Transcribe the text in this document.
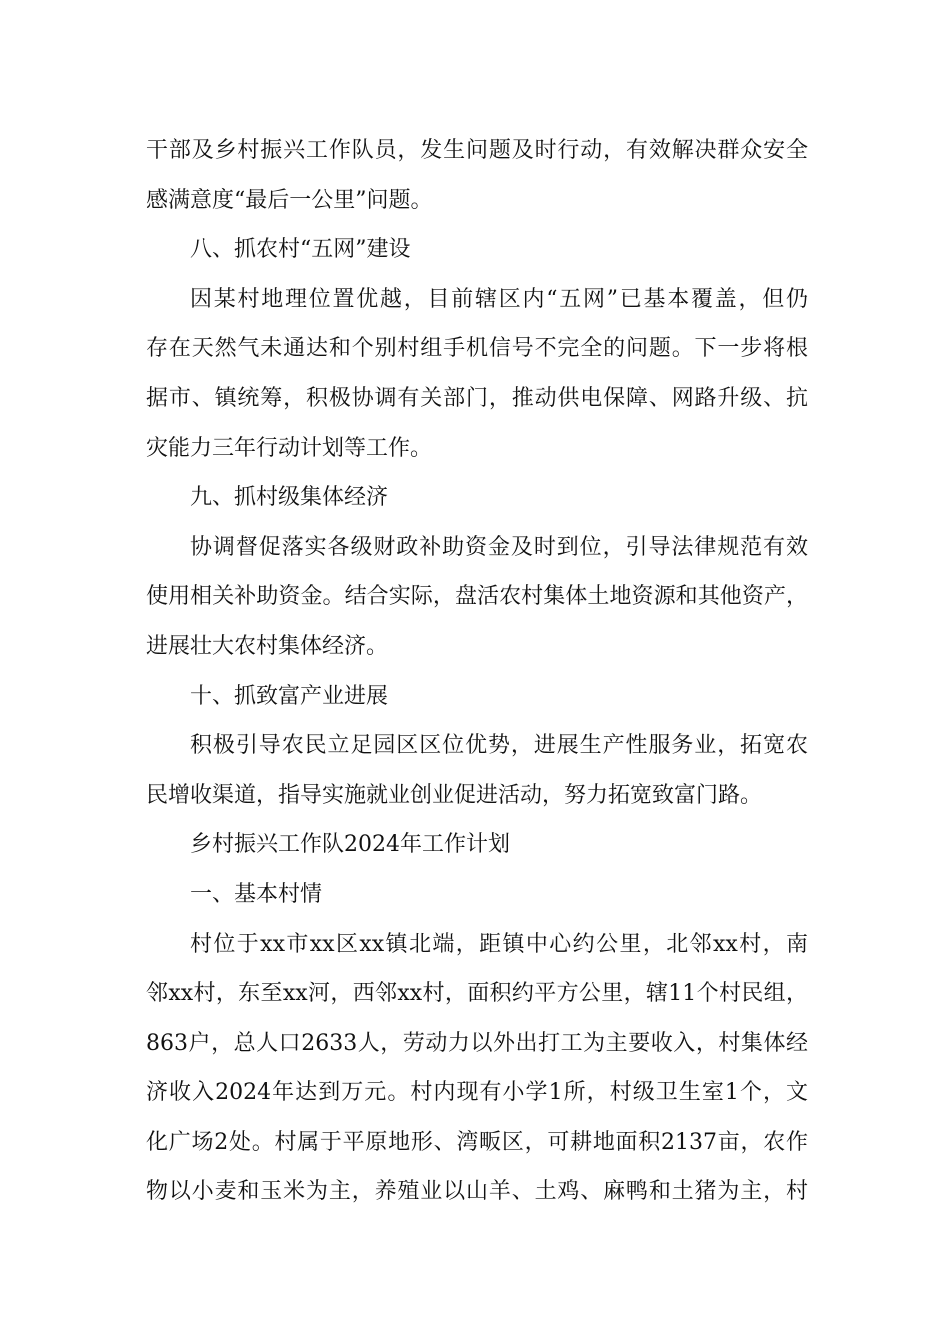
干部及乡村振兴工作队员，发生问题及时行动，有效解决群众安全
感满意度“最后一公里”问题。
八、抓农村“五网”建设
因某村地理位置优越，目前辖区内“五网”已基本覆盖，但仍
存在天然气未通达和个别村组手机信号不完全的问题。下一步将根
据市、镇统筹，积极协调有关部门，推动供电保障、网路升级、抗
灾能力三年行动计划等工作。
九、抓村级集体经济
协调督促落实各级财政补助资金及时到位，引导法律规范有效
使用相关补助资金。结合实际，盘活农村集体土地资源和其他资产，
进展壮大农村集体经济。
十、抓致富产业进展
积极引导农民立足园区区位优势，进展生产性服务业，拓宽农
民增收渠道，指导实施就业创业促进活动，努力拓宽致富门路。
乡村振兴工作队2024年工作计划
一、基本村情
村位于xx市xx区xx镇北端，距镇中心约公里，北邻xx村，南
邻xx村，东至xx河，西邻xx村，面积约平方公里，辖11个村民组，
863户，总人口2633人，劳动力以外出打工为主要收入，村集体经
济收入2024年达到万元。村内现有小学1所，村级卫生室1个，文
化广场2处。村属于平原地形、湾畈区，可耕地面积2137亩，农作
物以小麦和玉米为主，养殖业以山羊、土鸡、麻鸭和土猪为主，村
